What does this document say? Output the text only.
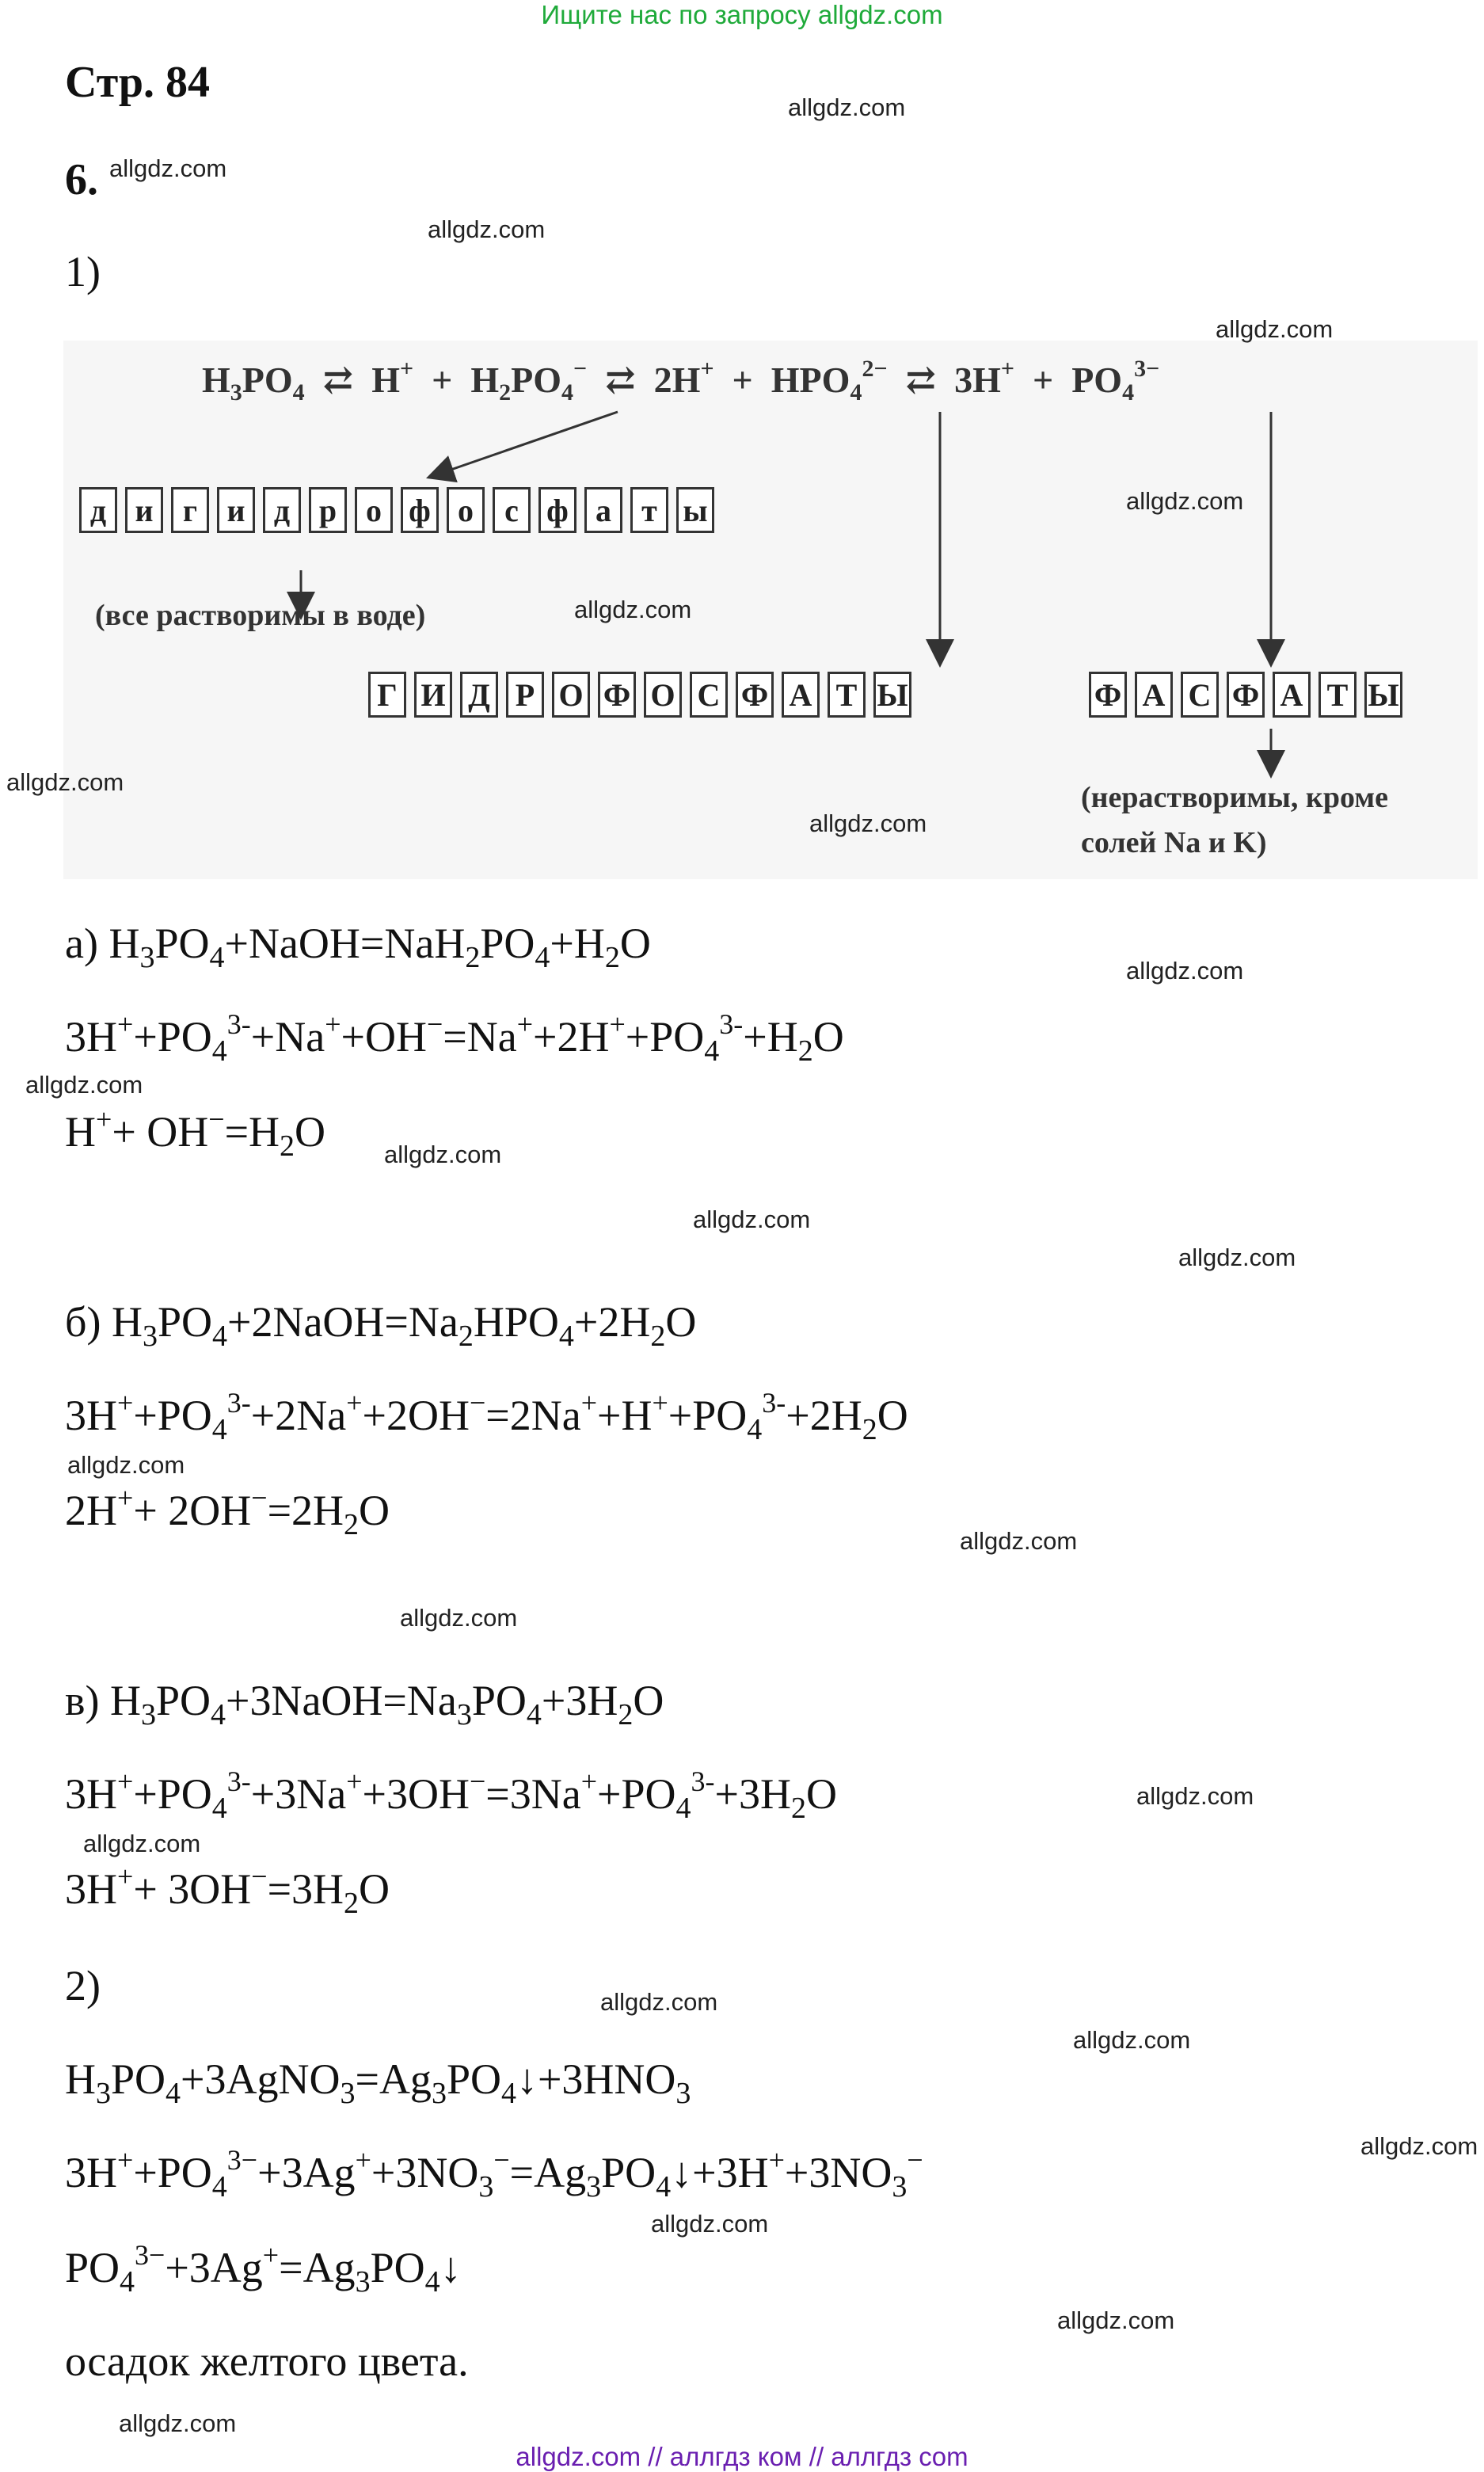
Ищите нас по запросу allgdz.com
Стр. 84
6.
1)
$H_3PO_4$ ⇄ $H^+ + H_2PO_4^-$ ⇄ $2H^+ + HPO_4^{2-}$ ⇄ $3H^+ + PO_4^{3-}$
д и г и д р о ф о с ф а т ы
(все растворимы в воде)
Г И Д Р О Ф О С Ф А Т Ы	Ф А С Ф А Т Ы
(нерастворимы, кроме
солей Na и K)
а) $H_3PO_4+NaOH=NaH_2PO_4+H_2O$
$3H^++PO_4^{3-}+Na^++OH^-=Na^++2H^++PO_4^{3-}+H_2O$
$H^++ OH^-=H_2O$
б) $H_3PO_4+2NaOH=Na_2HPO_4+2H_2O$
$3H^++PO_4^{3-}+2Na^++2OH^-=2Na^++H^++PO_4^{3-}+2H_2O$
$2H^++ 2OH^-=2H_2O$
в) $H_3PO_4+3NaOH=Na_3PO_4+3H_2O$
$3H^++PO_4^{3-}+3Na^++3OH^-=3Na^++PO_4^{3-}+3H_2O$
$3H^++ 3OH^-=3H_2O$
2)
$H_3PO_4+3AgNO_3=Ag_3PO_4↓+3HNO_3$
$3H^++PO_4^{3-}+3Ag^++3NO_3^-=Ag_3PO_4↓+3H^++3NO_3^-$
$PO_4^{3-}+3Ag^+=Ag_3PO_4↓$
осадок желтого цвета.
allgdz.com
allgdz.com
allgdz.com
allgdz.com
allgdz.com
allgdz.com
allgdz.com
allgdz.com
allgdz.com
allgdz.com
allgdz.com
allgdz.com
allgdz.com
allgdz.com
allgdz.com
allgdz.com
allgdz.com
allgdz.com
allgdz.com
allgdz.com
allgdz.com
allgdz.com
allgdz.com
allgdz.com
allgdz.com // аллгдз ком // аллгдз com
